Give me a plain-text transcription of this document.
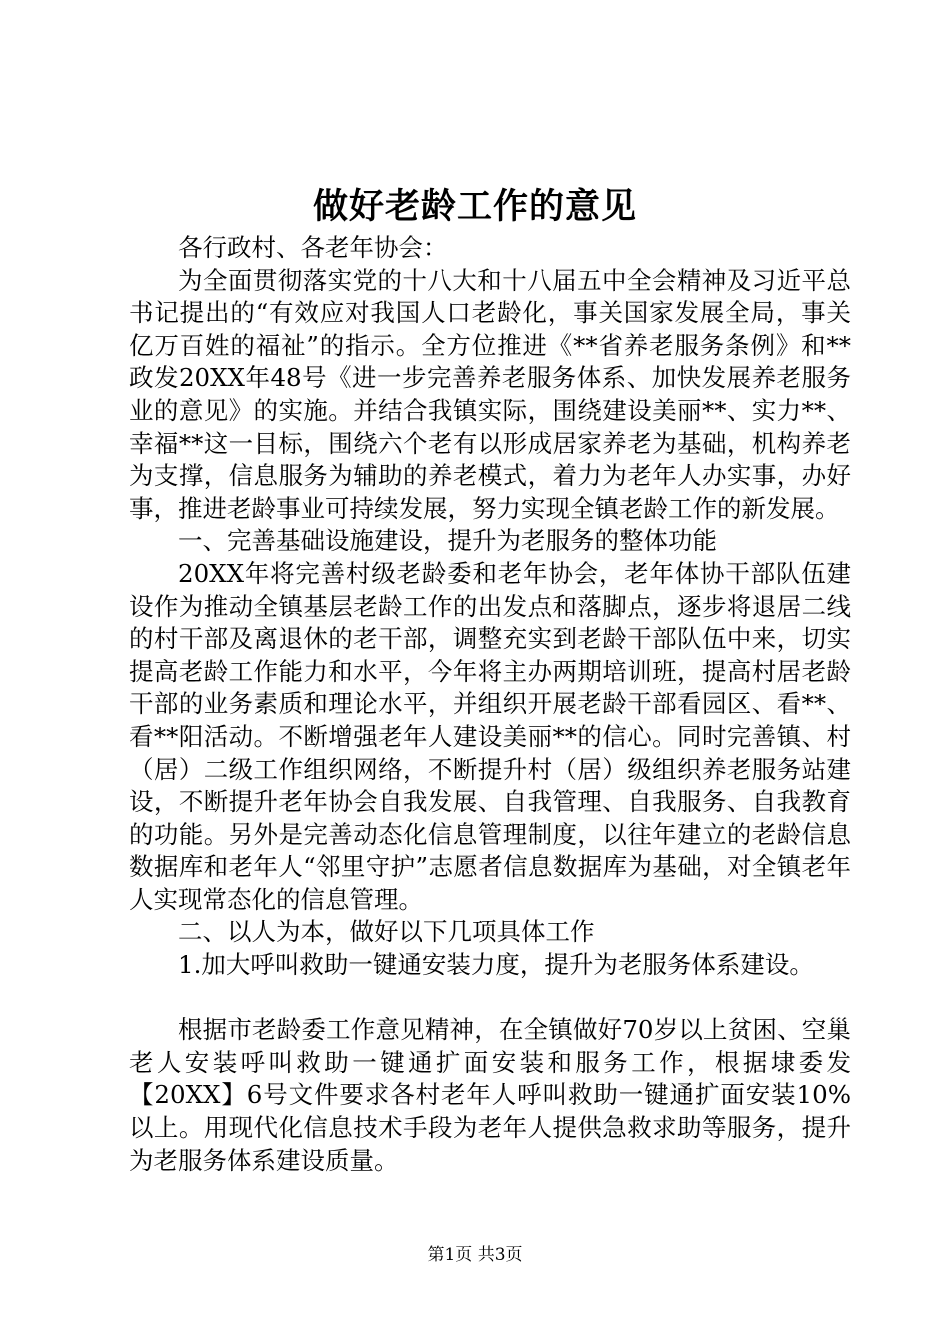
做好老龄工作的意见

各行政村、各老年协会：

为全面贯彻落实党的十八大和十八届五中全会精神及习近平总书记提出的“有效应对我国人口老龄化，事关国家发展全局，事关亿万百姓的福祉”的指示。全方位推进《**省养老服务条例》和**政发20XX年48号《进一步完善养老服务体系、加快发展养老服务业的意见》的实施。并结合我镇实际，围绕建设美丽**、实力**、幸福**这一目标，围绕六个老有以形成居家养老为基础，机构养老为支撑，信息服务为辅助的养老模式，着力为老年人办实事，办好事，推进老龄事业可持续发展，努力实现全镇老龄工作的新发展。

一、完善基础设施建设，提升为老服务的整体功能

20XX年将完善村级老龄委和老年协会，老年体协干部队伍建设作为推动全镇基层老龄工作的出发点和落脚点，逐步将退居二线的村干部及离退休的老干部，调整充实到老龄干部队伍中来，切实提高老龄工作能力和水平，今年将主办两期培训班，提高村居老龄干部的业务素质和理论水平，并组织开展老龄干部看园区、看**、看**阳活动。不断增强老年人建设美丽**的信心。同时完善镇、村（居）二级工作组织网络，不断提升村（居）级组织养老服务站建设，不断提升老年协会自我发展、自我管理、自我服务、自我教育的功能。另外是完善动态化信息管理制度，以往年建立的老龄信息数据库和老年人“邻里守护”志愿者信息数据库为基础，对全镇老年人实现常态化的信息管理。

二、以人为本，做好以下几项具体工作

1.加大呼叫救助一键通安装力度，提升为老服务体系建设。

根据市老龄委工作意见精神，在全镇做好70岁以上贫困、空巢老人安装呼叫救助一键通扩面安装和服务工作，根据埭委发【20XX】6号文件要求各村老年人呼叫救助一键通扩面安装10%以上。用现代化信息技术手段为老年人提供急救求助等服务，提升为老服务体系建设质量。

第1页 共3页
